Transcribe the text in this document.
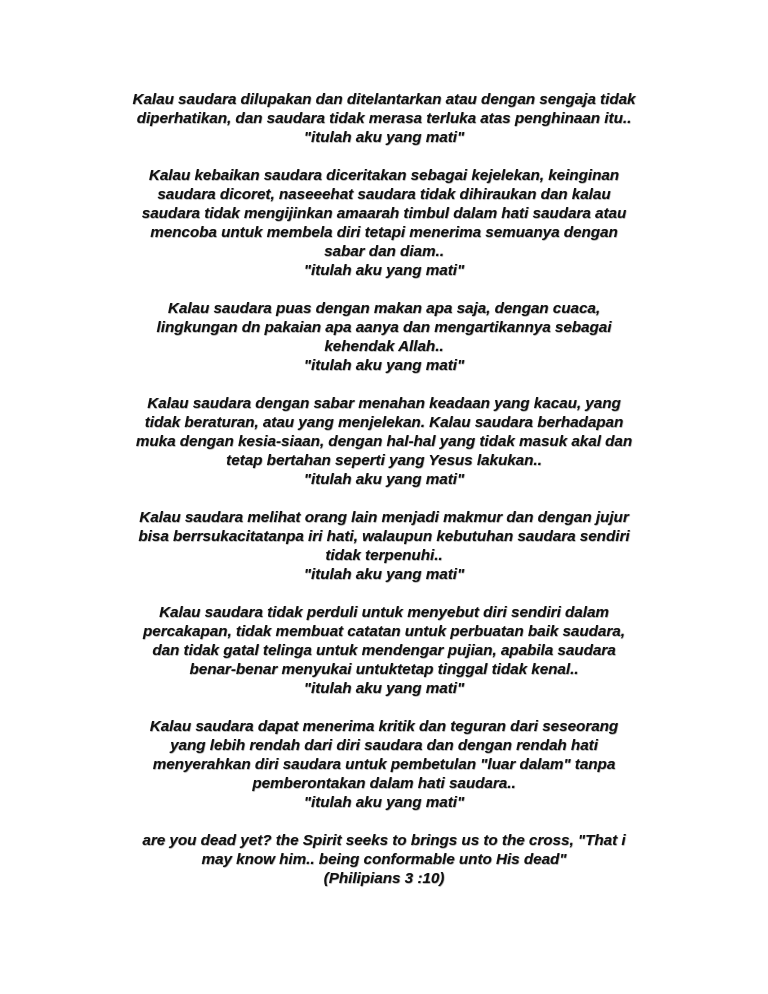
Kalau saudara dilupakan dan ditelantarkan atau dengan sengaja tidak
diperhatikan, dan saudara tidak merasa terluka atas penghinaan itu..
"itulah aku yang mati"

Kalau kebaikan saudara diceritakan sebagai kejelekan, keinginan
saudara dicoret, naseeehat saudara tidak dihiraukan dan kalau
saudara tidak mengijinkan amaarah timbul dalam hati saudara atau
mencoba untuk membela diri tetapi menerima semuanya dengan
sabar dan diam..
"itulah aku yang mati"

Kalau saudara puas dengan makan apa saja, dengan cuaca,
lingkungan dn pakaian apa aanya dan mengartikannya sebagai
kehendak Allah..
"itulah aku yang mati"

Kalau saudara dengan sabar menahan keadaan yang kacau, yang
tidak beraturan, atau yang menjelekan. Kalau saudara berhadapan
muka dengan kesia-siaan, dengan hal-hal yang tidak masuk akal dan
tetap bertahan seperti yang Yesus lakukan..
"itulah aku yang mati"

Kalau saudara melihat orang lain menjadi makmur dan dengan jujur
bisa berrsukacitatanpa iri hati, walaupun kebutuhan saudara sendiri
tidak terpenuhi..
"itulah aku yang mati"

Kalau saudara tidak perduli untuk menyebut diri sendiri dalam
percakapan, tidak membuat catatan untuk perbuatan baik saudara,
dan tidak gatal telinga untuk mendengar pujian, apabila saudara
benar-benar menyukai untuktetap tinggal tidak kenal..
"itulah aku yang mati"

Kalau saudara dapat menerima kritik dan teguran dari seseorang
yang lebih rendah dari diri saudara dan dengan rendah hati
menyerahkan diri saudara untuk pembetulan "luar dalam" tanpa
pemberontakan dalam hati saudara..
"itulah aku yang mati"

are you dead yet? the Spirit seeks to brings us to the cross, "That i
may know him.. being conformable unto His dead"
(Philipians 3 :10)
